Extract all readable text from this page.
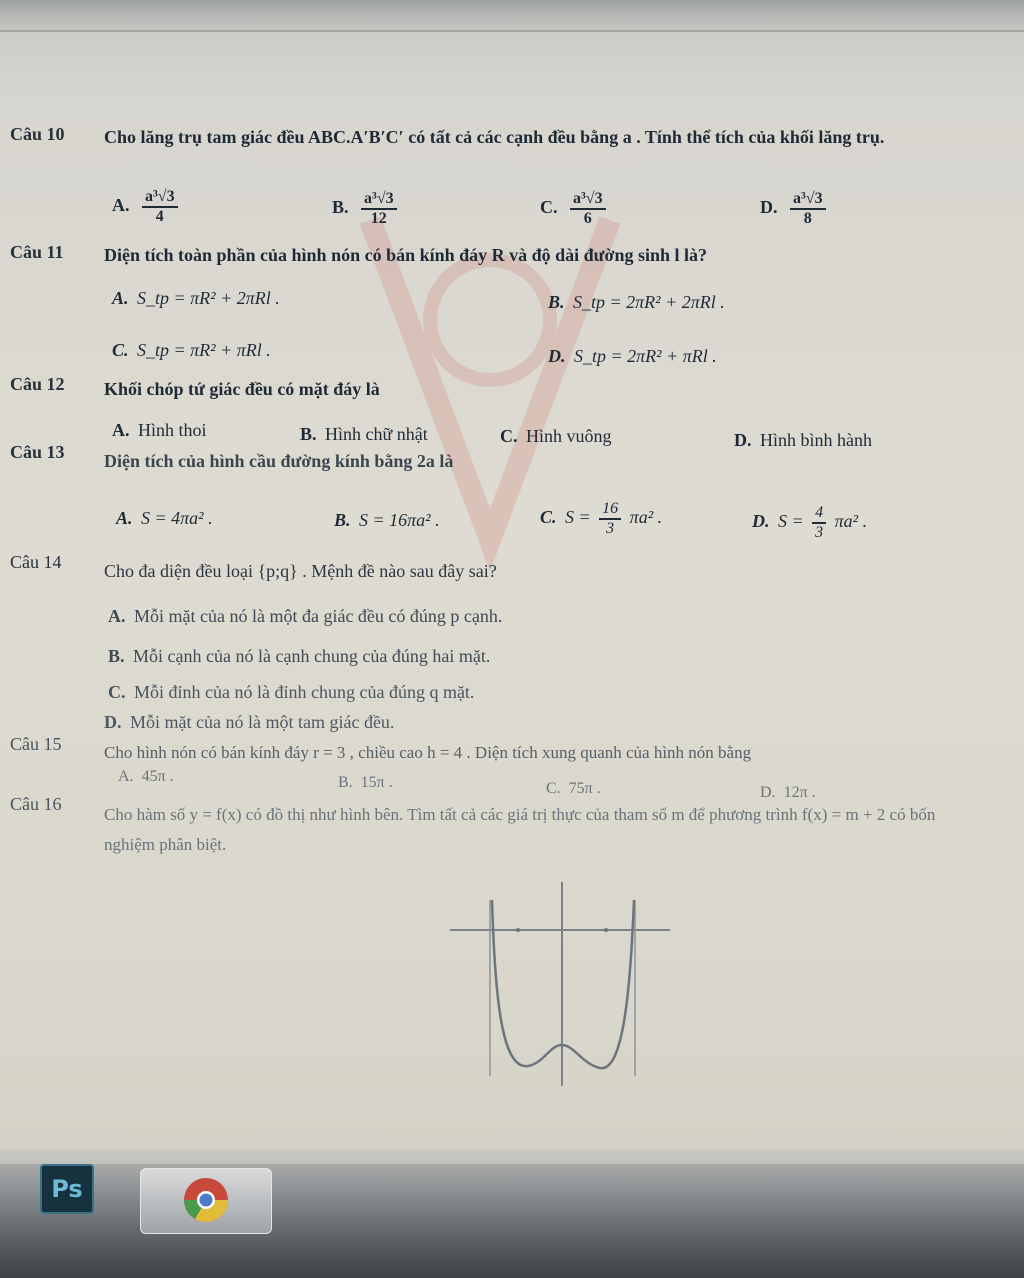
Câu 10 Cho lăng trụ tam giác đều ABC.A′B′C′ có tất cả các cạnh đều bằng a . Tính thể tích của khối lăng trụ.
A. $\frac{\text{a³√3}}{4}$	B. $\frac{\text{a³√3}}{12}$	C. $\frac{\text{a³√3}}{6}$	D. $\frac{\text{a³√3}}{8}$
Câu 11 Diện tích toàn phần của hình nón có bán kính đáy R và độ dài đường sinh l là?
A. S_tp = πR² + 2πRl .	B. S_tp = 2πR² + 2πRl .
C. S_tp = πR² + πRl .	D. S_tp = 2πR² + πRl .
Câu 12 Khối chóp tứ giác đều có mặt đáy là
A. Hình thoi	B. Hình chữ nhật	C. Hình vuông	D. Hình bình hành
Câu 13 Diện tích của hình cầu đường kính bằng 2a là
A. S = 4πa² .	B. S = 16πa² .	C. $S = \frac{16}{3} \pi a^2$ .	D. $S = \frac{4}{3} \pi a^2$ .
Câu 14 Cho đa diện đều loại {p;q} . Mệnh đề nào sau đây sai?
A. Mỗi mặt của nó là một đa giác đều có đúng p cạnh.
B. Mỗi cạnh của nó là cạnh chung của đúng hai mặt.
C. Mỗi đỉnh của nó là đỉnh chung của đúng q mặt.
D. Mỗi mặt của nó là một tam giác đều.
Câu 15	Cho hình nón có bán kính đáy r = 3 , chiều cao h = 4 . Diện tích xung quanh của hình nón bằng
A. 45π .	B. 15π .	C. 75π .	D. 12π .
Câu 16
Cho hàm số y = f(x) có đồ thị như hình bên. Tìm tất cả các giá trị thực của tham số m để phương trình f(x) = m + 2 có bốn nghiệm phân biệt.
Ps
